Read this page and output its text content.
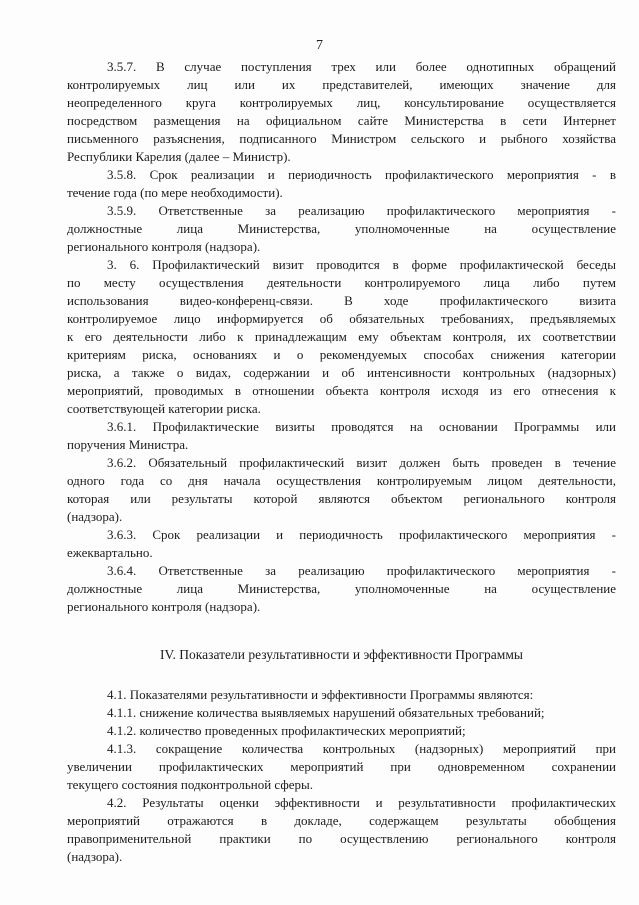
7
3.5.7. В случае поступления трех или более однотипных обращений
контролируемых лиц или их представителей, имеющих значение для
неопределенного круга контролируемых лиц, консультирование осуществляется
посредством размещения на официальном сайте Министерства в сети Интернет
письменного разъяснения, подписанного Министром сельского и рыбного хозяйства
Республики Карелия (далее – Министр).
3.5.8. Срок реализации и периодичность профилактического мероприятия - в
течение года (по мере необходимости).
3.5.9. Ответственные за реализацию профилактического мероприятия -
должностные лица Министерства, уполномоченные на осуществление
регионального контроля (надзора).
3. 6. Профилактический визит проводится в форме профилактической беседы
по месту осуществления деятельности контролируемого лица либо путем
использования видео-конференц-связи. В ходе профилактического визита
контролируемое лицо информируется об обязательных требованиях, предъявляемых
к его деятельности либо к принадлежащим ему объектам контроля, их соответствии
критериям риска, основаниях и о рекомендуемых способах снижения категории
риска, а также о видах, содержании и об интенсивности контрольных (надзорных)
мероприятий, проводимых в отношении объекта контроля исходя из его отнесения к
соответствующей категории риска.
3.6.1. Профилактические визиты проводятся на основании Программы или
поручения Министра.
3.6.2. Обязательный профилактический визит должен быть проведен в течение
одного года со дня начала осуществления контролируемым лицом деятельности,
которая или результаты которой являются объектом регионального контроля
(надзора).
3.6.3. Срок реализации и периодичность профилактического мероприятия -
ежеквартально.
3.6.4. Ответственные за реализацию профилактического мероприятия -
должностные лица Министерства, уполномоченные на осуществление
регионального контроля (надзора).
IV. Показатели результативности и эффективности Программы
4.1. Показателями результативности и эффективности Программы являются:
4.1.1. снижение количества выявляемых нарушений обязательных требований;
4.1.2. количество проведенных профилактических мероприятий;
4.1.3. сокращение количества контрольных (надзорных) мероприятий при
увеличении профилактических мероприятий при одновременном сохранении
текущего состояния подконтрольной сферы.
4.2. Результаты оценки эффективности и результативности профилактических
мероприятий отражаются в докладе, содержащем результаты обобщения
правоприменительной практики по осуществлению регионального контроля
(надзора).
